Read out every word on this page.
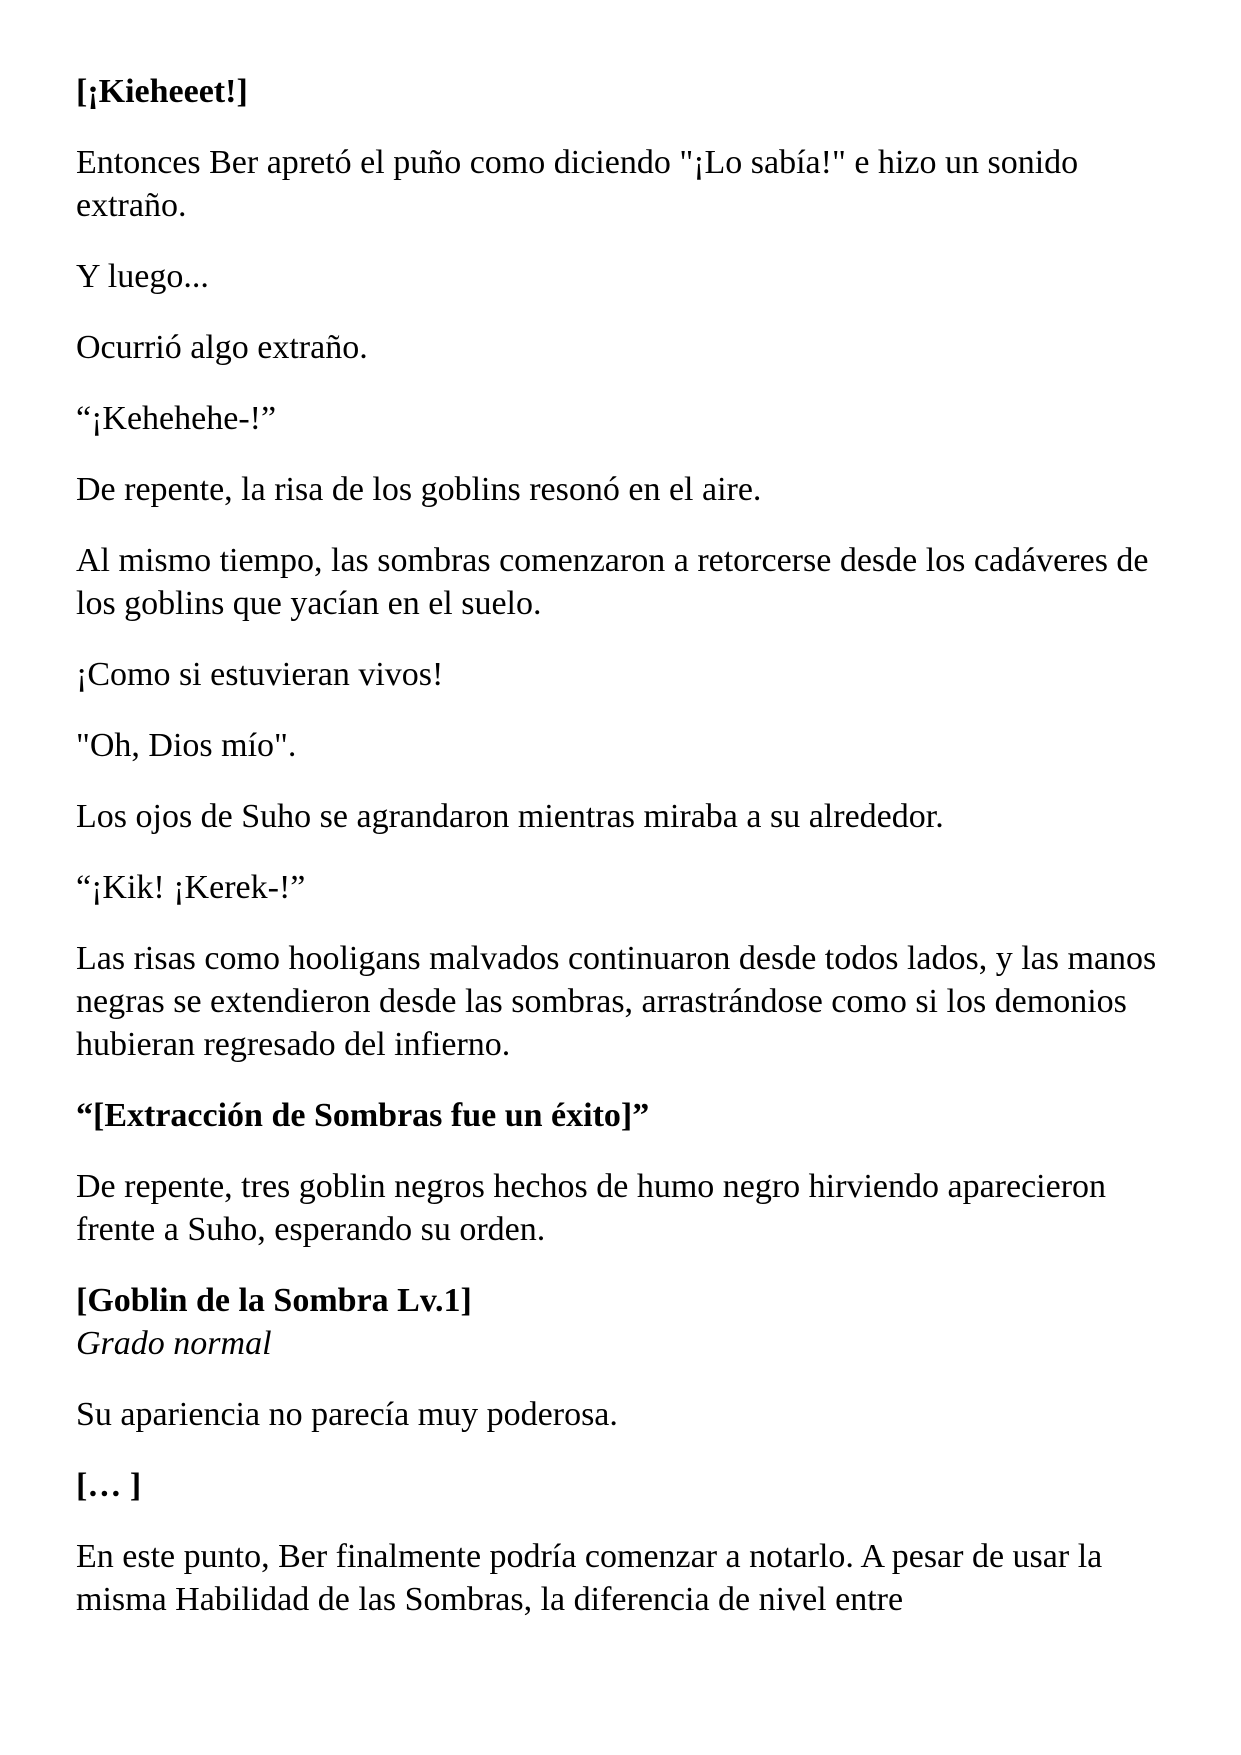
[¡Kieheeet!]

Entonces Ber apretó el puño como diciendo "¡Lo sabía!" e hizo un sonido extraño.

Y luego...

Ocurrió algo extraño.

“¡Kehehehe-!”

De repente, la risa de los goblins resonó en el aire.

Al mismo tiempo, las sombras comenzaron a retorcerse desde los cadáveres de los goblins que yacían en el suelo.

¡Como si estuvieran vivos!

"Oh, Dios mío".

Los ojos de Suho se agrandaron mientras miraba a su alrededor.

“¡Kik! ¡Kerek-!”

Las risas como hooligans malvados continuaron desde todos lados, y las manos negras se extendieron desde las sombras, arrastrándose como si los demonios hubieran regresado del infierno.

“[Extracción de Sombras fue un éxito]”

De repente, tres goblin negros hechos de humo negro hirviendo aparecieron frente a Suho, esperando su orden.

[Goblin de la Sombra Lv.1]

Grado normal

Su apariencia no parecía muy poderosa.

[… ]

En este punto, Ber finalmente podría comenzar a notarlo. A pesar de usar la misma Habilidad de las Sombras, la diferencia de nivel entre
